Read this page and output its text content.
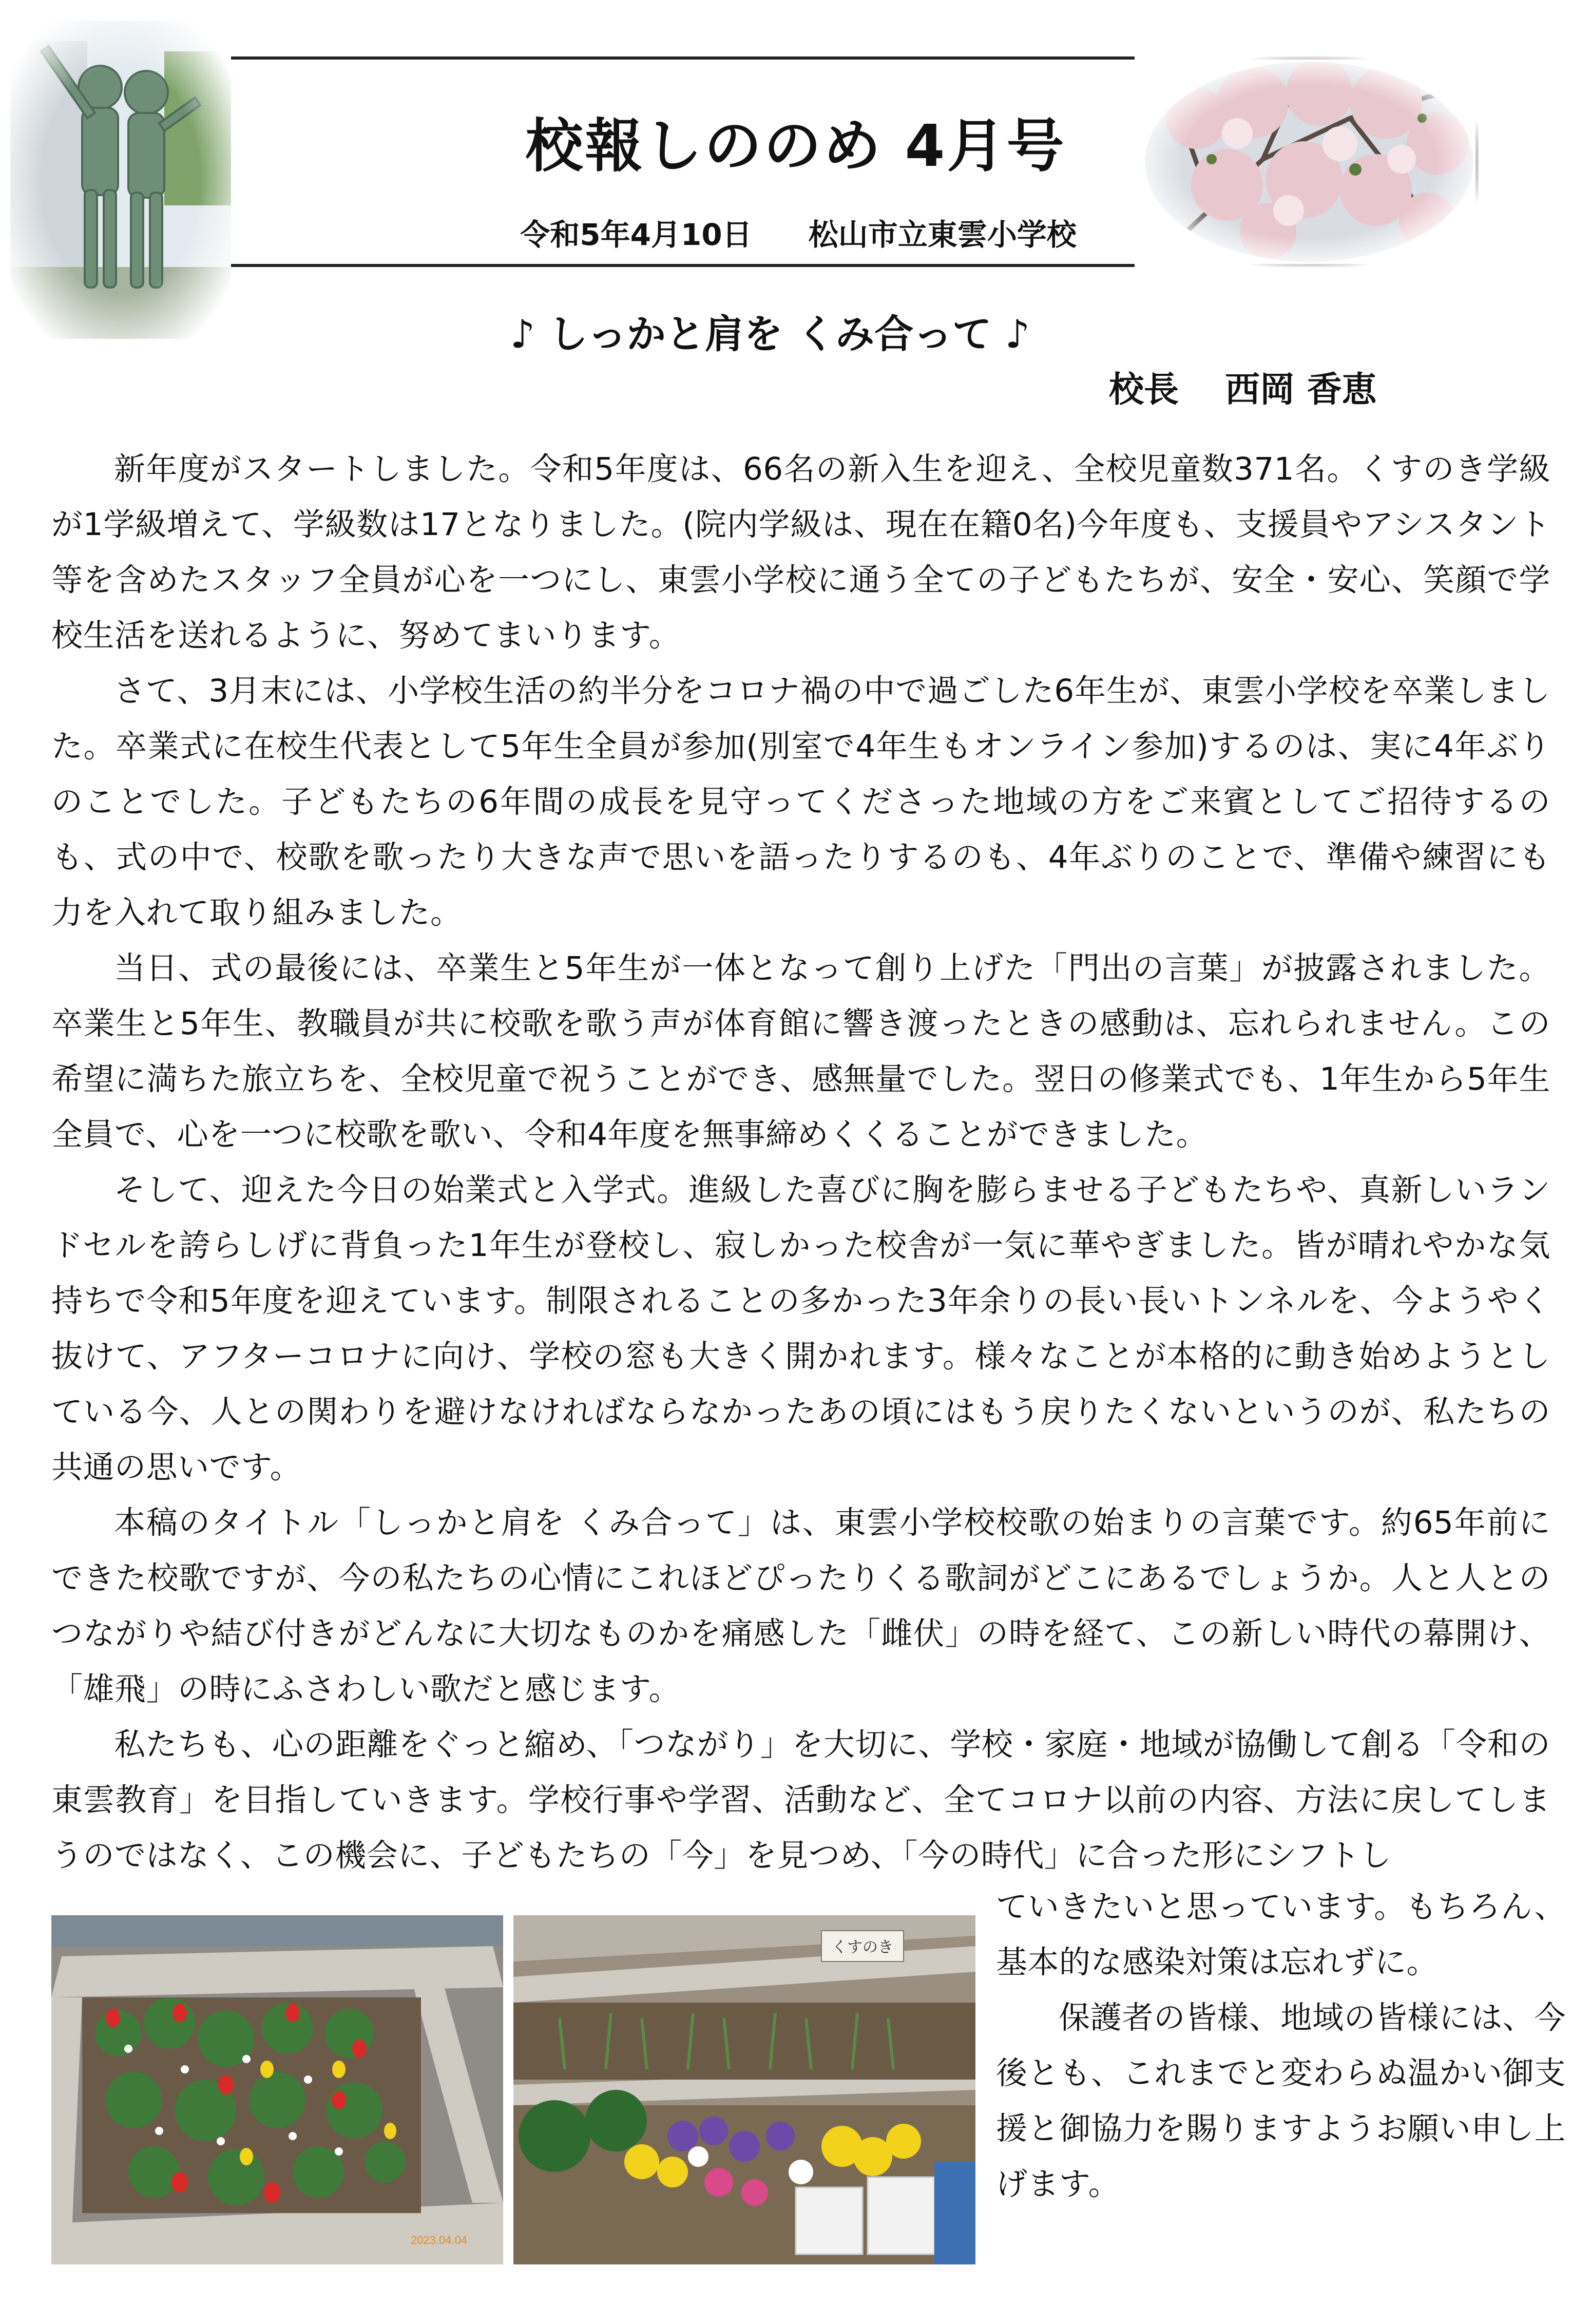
校報しののめ 4月号
令和5年4月10日 松山市立東雲小学校
♪ しっかと肩を くみ合って ♪
校長 西岡 香恵

新年度がスタートしました。令和5年度は、66名の新入生を迎え、全校児童数371名。くすのき学級が1学級増えて、学級数は17となりました。(院内学級は、現在在籍0名)今年度も、支援員やアシスタント等を含めたスタッフ全員が心を一つにし、東雲小学校に通う全ての子どもたちが、安全・安心、笑顔で学校生活を送れるように、努めてまいります。

さて、3月末には、小学校生活の約半分をコロナ禍の中で過ごした6年生が、東雲小学校を卒業しました。卒業式に在校生代表として5年生全員が参加(別室で4年生もオンライン参加)するのは、実に4年ぶりのことでした。子どもたちの6年間の成長を見守ってくださった地域の方をご来賓としてご招待するのも、式の中で、校歌を歌ったり大きな声で思いを語ったりするのも、4年ぶりのことで、準備や練習にも力を入れて取り組みました。

当日、式の最後には、卒業生と5年生が一体となって創り上げた「門出の言葉」が披露されました。卒業生と5年生、教職員が共に校歌を歌う声が体育館に響き渡ったときの感動は、忘れられません。この希望に満ちた旅立ちを、全校児童で祝うことができ、感無量でした。翌日の修業式でも、1年生から5年生全員で、心を一つに校歌を歌い、令和4年度を無事締めくくることができました。

そして、迎えた今日の始業式と入学式。進級した喜びに胸を膨らませる子どもたちや、真新しいランドセルを誇らしげに背負った1年生が登校し、寂しかった校舎が一気に華やぎました。皆が晴れやかな気持ちで令和5年度を迎えています。制限されることの多かった3年余りの長い長いトンネルを、今ようやく抜けて、アフターコロナに向け、学校の窓も大きく開かれます。様々なことが本格的に動き始めようとしている今、人との関わりを避けなければならなかったあの頃にはもう戻りたくないというのが、私たちの共通の思いです。

本稿のタイトル「しっかと肩を くみ合って」は、東雲小学校校歌の始まりの言葉です。約65年前にできた校歌ですが、今の私たちの心情にこれほどぴったりくる歌詞がどこにあるでしょうか。人と人とのつながりや結び付きがどんなに大切なものかを痛感した「雌伏」の時を経て、この新しい時代の幕開け、「雄飛」の時にふさわしい歌だと感じます。

私たちも、心の距離をぐっと縮め、「つながり」を大切に、学校・家庭・地域が協働して創る「令和の東雲教育」を目指していきます。学校行事や学習、活動など、全てコロナ以前の内容、方法に戻してしまうのではなく、この機会に、子どもたちの「今」を見つめ、「今の時代」に合った形にシフトし

2023.04.04
くすのき

ていきたいと思っています。もちろん、基本的な感染対策は忘れずに。

保護者の皆様、地域の皆様には、今後とも、これまでと変わらぬ温かい御支援と御協力を賜りますようお願い申し上げます。
